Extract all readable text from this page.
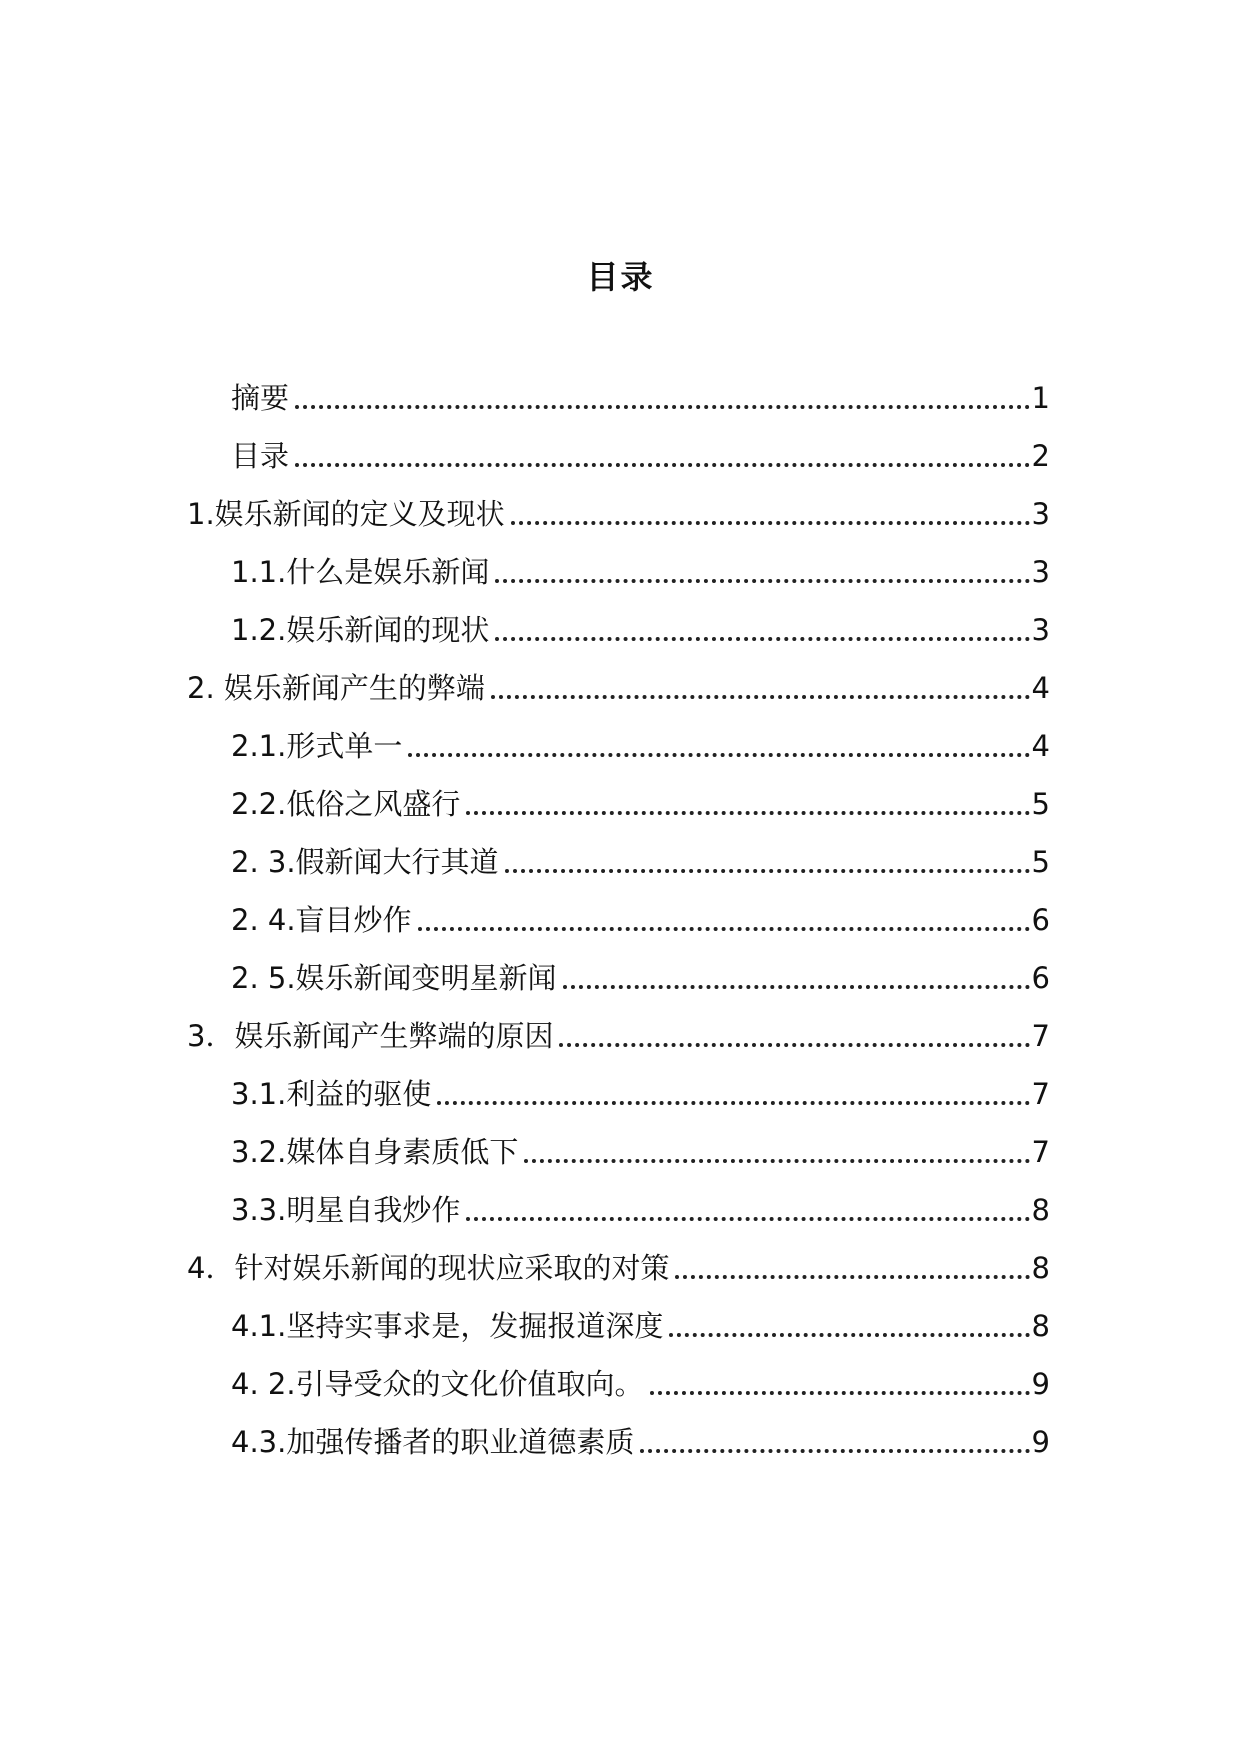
目录
摘要	1
目录	2
1.娱乐新闻的定义及现状	3
1.1.什么是娱乐新闻	3
1.2.娱乐新闻的现状	3
2. 娱乐新闻产生的弊端	4
2.1.形式单一	4
2.2.低俗之风盛行	5
2. 3.假新闻大行其道	5
2. 4.盲目炒作	6
2. 5.娱乐新闻变明星新闻	6
3．娱乐新闻产生弊端的原因	7
3.1.利益的驱使	7
3.2.媒体自身素质低下	7
3.3.明星自我炒作	8
4．针对娱乐新闻的现状应采取的对策	8
4.1.坚持实事求是，发掘报道深度	8
4. 2.引导受众的文化价值取向。	9
4.3.加强传播者的职业道德素质	9
